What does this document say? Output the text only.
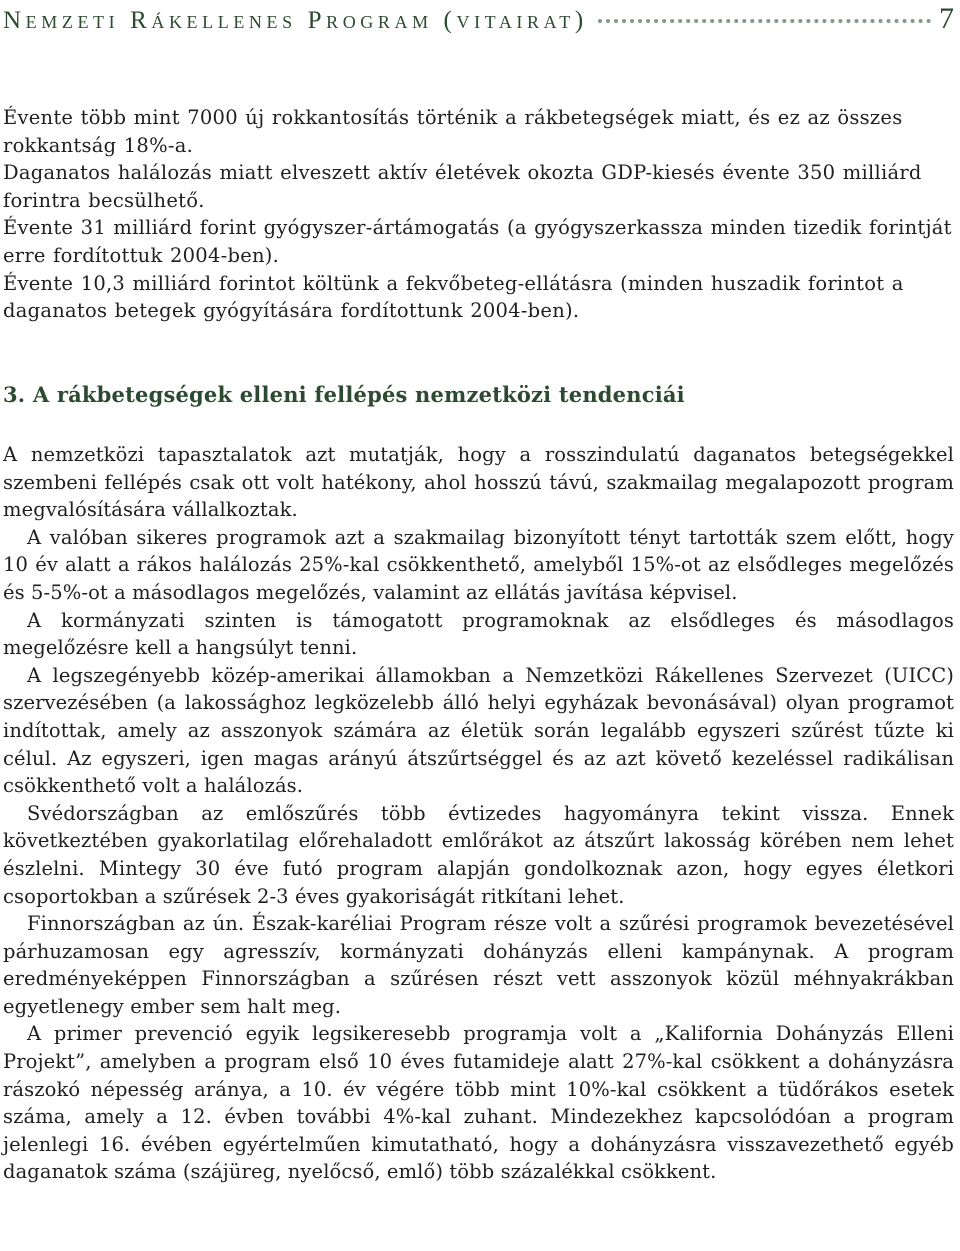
Nemzeti Rákellenes Program (vitairat)	7

Évente több mint 7000 új rokkantosítás történik a rákbetegségek miatt, és ez az összes rokkantság 18%-a.

Daganatos halálozás miatt elveszett aktív életévek okozta GDP-kiesés évente 350 milliárd forintra becsülhető.

Évente 31 milliárd forint gyógyszer-ártámogatás (a gyógyszerkassza minden tizedik forintját erre fordítottuk 2004-ben).

Évente 10,3 milliárd forintot költünk a fekvőbeteg-ellátásra (minden huszadik forintot a daganatos betegek gyógyítására fordítottunk 2004-ben).

3. A rákbetegségek elleni fellépés nemzetközi tendenciái

A nemzetközi tapasztalatok azt mutatják, hogy a rosszindulatú daganatos betegségekkel szembeni fellépés csak ott volt hatékony, ahol hosszú távú, szakmailag megalapozott program megvalósítására vállalkoztak.

A valóban sikeres programok azt a szakmailag bizonyított tényt tartották szem előtt, hogy 10 év alatt a rákos halálozás 25%-kal csökkenthető, amelyből 15%-ot az elsődleges megelőzés és 5-5%-ot a másodlagos megelőzés, valamint az ellátás javítása képvisel.

A kormányzati szinten is támogatott programoknak az elsődleges és másodlagos megelőzésre kell a hangsúlyt tenni.

A legszegényebb közép-amerikai államokban a Nemzetközi Rákellenes Szervezet (UICC) szervezésében (a lakossághoz legközelebb álló helyi egyházak bevonásával) olyan programot indítottak, amely az asszonyok számára az életük során legalább egyszeri szűrést tűzte ki célul. Az egyszeri, igen magas arányú átszűrtséggel és az azt követő kezeléssel radikálisan csökkenthető volt a halálozás.

Svédországban az emlőszűrés több évtizedes hagyományra tekint vissza. Ennek következtében gyakorlatilag előrehaladott emlőrákot az átszűrt lakosság körében nem lehet észlelni. Mintegy 30 éve futó program alapján gondolkoznak azon, hogy egyes életkori csoportokban a szűrések 2-3 éves gyakoriságát ritkítani lehet.

Finnországban az ún. Észak-karéliai Program része volt a szűrési programok bevezetésével párhuzamosan egy agresszív, kormányzati dohányzás elleni kampánynak. A program eredményeképpen Finnországban a szűrésen részt vett asszonyok közül méhnyakrákban egyetlenegy ember sem halt meg.

A primer prevenció egyik legsikeresebb programja volt a „Kalifornia Dohányzás Elleni Projekt”, amelyben a program első 10 éves futamideje alatt 27%-kal csökkent a dohányzásra rászokó népesség aránya, a 10. év végére több mint 10%-kal csökkent a tüdőrákos esetek száma, amely a 12. évben további 4%-kal zuhant. Mindezekhez kapcsolódóan a program jelenlegi 16. évében egyértelműen kimutatható, hogy a dohányzásra visszavezethető egyéb daganatok száma (szájüreg, nyelőcső, emlő) több százalékkal csökkent.
